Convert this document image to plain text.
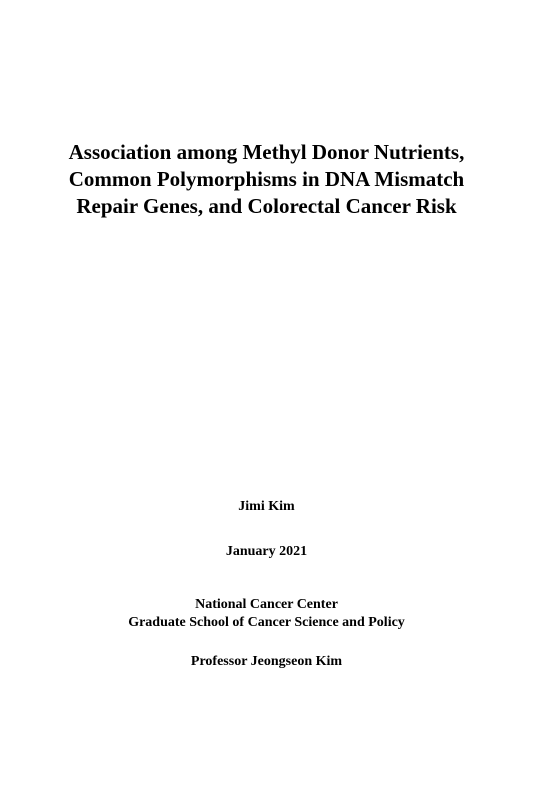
Association among Methyl Donor Nutrients,
Common Polymorphisms in DNA Mismatch
Repair Genes, and Colorectal Cancer Risk
Jimi Kim
January 2021
National Cancer Center
Graduate School of Cancer Science and Policy
Professor Jeongseon Kim
